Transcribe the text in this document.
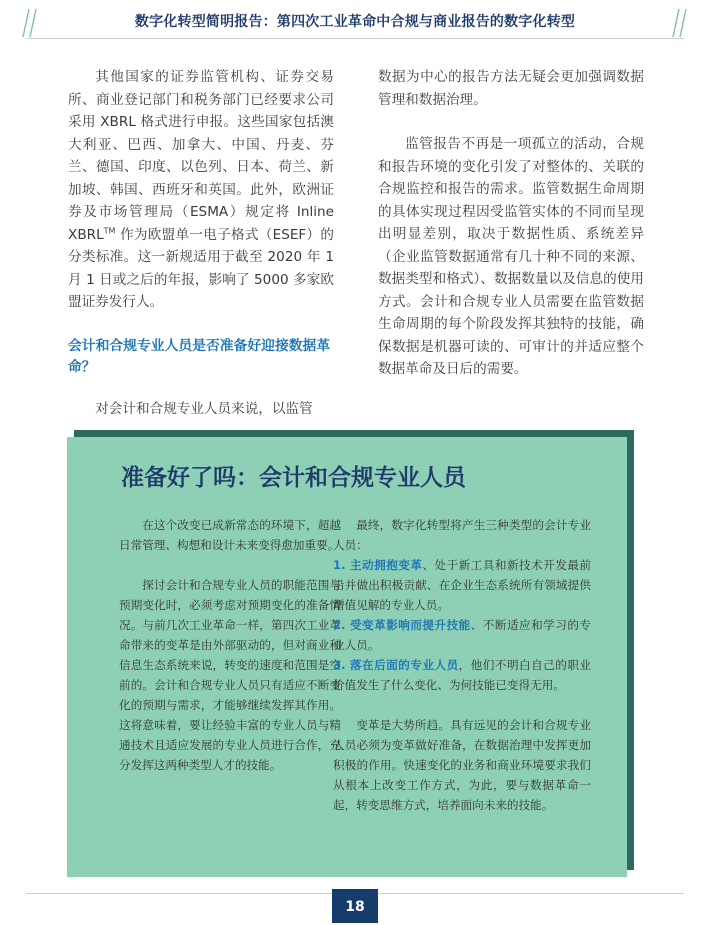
数字化转型简明报告：第四次工业革命中合规与商业报告的数字化转型

其他国家的证券监管机构、证券交易所、商业登记部门和税务部门已经要求公司采用 XBRL 格式进行申报。这些国家包括澳大利亚、巴西、加拿大、中国、丹麦、芬兰、德国、印度、以色列、日本、荷兰、新加坡、韩国、西班牙和英国。此外，欧洲证券及市场管理局（ESMA）规定将 Inline XBRL™ 作为欧盟单一电子格式（ESEF）的分类标准。这一新规适用于截至 2020 年 1 月 1 日或之后的年报，影响了 5000 多家欧盟证券发行人。

会计和合规专业人员是否准备好迎接数据革命？

对会计和合规专业人员来说，以监管

数据为中心的报告方法无疑会更加强调数据管理和数据治理。

监管报告不再是一项孤立的活动，合规和报告环境的变化引发了对整体的、关联的合规监控和报告的需求。监管数据生命周期的具体实现过程因受监管实体的不同而呈现出明显差别，取决于数据性质、系统差异（企业监管数据通常有几十种不同的来源、数据类型和格式）、数据数量以及信息的使用方式。会计和合规专业人员需要在监管数据生命周期的每个阶段发挥其独特的技能，确保数据是机器可读的、可审计的并适应整个数据革命及日后的需要。

准备好了吗：会计和合规专业人员

在这个改变已成新常态的环境下，超越日常管理、构想和设计未来变得愈加重要。

探讨会计和合规专业人员的职能范围与预期变化时，必须考虑对预期变化的准备情况。与前几次工业革命一样，第四次工业革命带来的变革是由外部驱动的，但对商业和信息生态系统来说，转变的速度和范围是空前的。会计和合规专业人员只有适应不断变化的预期与需求，才能够继续发挥其作用。这将意味着，要让经验丰富的专业人员与精通技术且适应发展的专业人员进行合作，充分发挥这两种类型人才的技能。

最终，数字化转型将产生三种类型的会计专业人员：

1. 主动拥抱变革、处于新工具和新技术开发最前沿并做出积极贡献、在企业生态系统所有领域提供增值见解的专业人员。
2. 受变革影响而提升技能、不断适应和学习的专业人员。
3. 落在后面的专业人员，他们不明白自己的职业价值发生了什么变化、为何技能已变得无用。

变革是大势所趋。具有远见的会计和合规专业人员必须为变革做好准备，在数据治理中发挥更加积极的作用。快速变化的业务和商业环境要求我们从根本上改变工作方式，为此，要与数据革命一起，转变思维方式，培养面向未来的技能。

18
